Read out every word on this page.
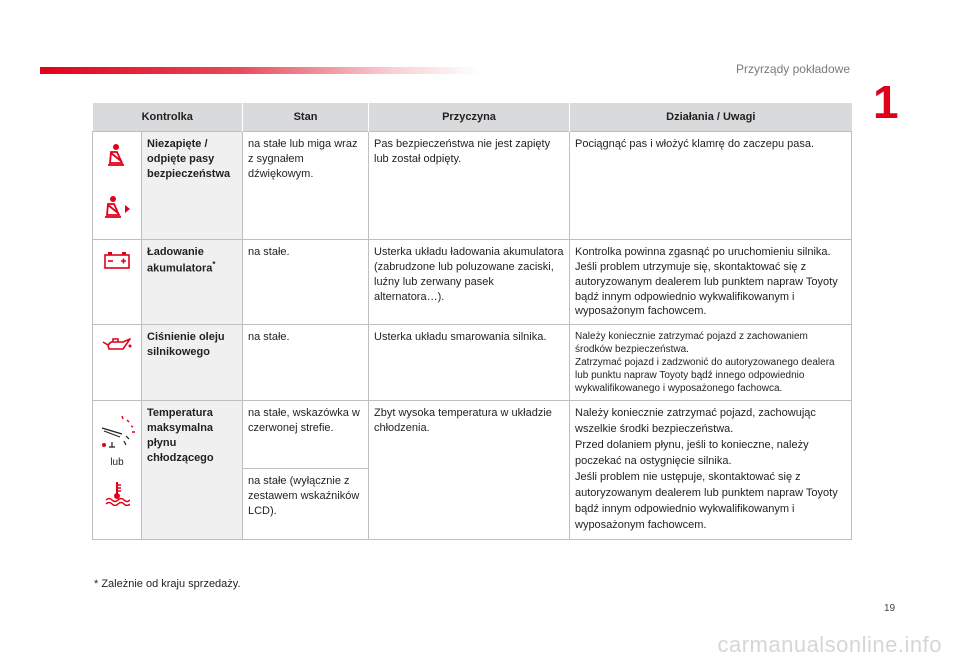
Przyrządy pokładowe
1
Kontrolka		Stan	Przyczyna	Działania / Uwagi

	Niezapięte / odpięte pasy bezpieczeństwa	na stałe lub miga wraz z sygnałem dźwiękowym.	Pas bezpieczeństwa nie jest zapięty lub został odpięty.	Pociągnąć pas i włożyć klamrę do zaczepu pasa.

	Ładowanie akumulatora*	na stałe.	Usterka układu ładowania akumulatora (zabrudzone lub poluzowane zaciski, luźny lub zerwany pasek alternatora…).	Kontrolka powinna zgasnąć po uruchomieniu silnika. Jeśli problem utrzymuje się, skontaktować się z autoryzowanym dealerem lub punktem napraw Toyoty bądź innym odpowiednio wykwalifikowanym i wyposażonym fachowcem.

	Ciśnienie oleju silnikowego	na stałe.	Usterka układu smarowania silnika.	Należy koniecznie zatrzymać pojazd z zachowaniem środków bezpieczeństwa.
Zatrzymać pojazd i zadzwonić do autoryzowanego dealera lub punktu napraw Toyoty bądź innego odpowiednio wykwalifikowanego i wyposażonego fachowca.

lub	Temperatura maksymalna płynu chłodzącego	na stałe, wskazówka w czerwonej strefie.	Zbyt wysoka temperatura w układzie chłodzenia.	Należy koniecznie zatrzymać pojazd, zachowując wszelkie środki bezpieczeństwa.
Przed dolaniem płynu, jeśli to konieczne, należy poczekać na ostygnięcie silnika.
Jeśli problem nie ustępuje, skontaktować się z autoryzowanym dealerem lub punktem napraw Toyoty bądź innym odpowiednio wykwalifikowanym i wyposażonym fachowcem.

		na stałe (wyłącznie z zestawem wskaźników LCD).		
* Zależnie od kraju sprzedaży.
19
carmanualsonline.info
